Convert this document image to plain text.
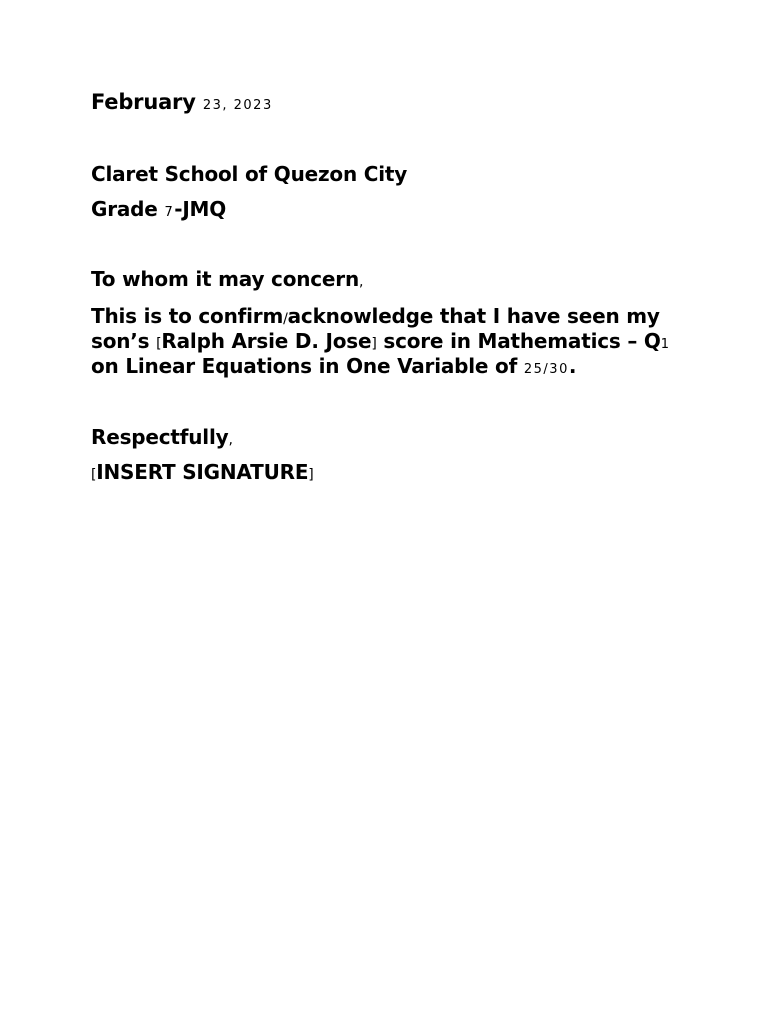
February 23, 2023
Claret School of Quezon City
Grade 7-JMQ
To whom it may concern,
This is to confirm/acknowledge that I have seen my
son’s [Ralph Arsie D. Jose] score in Mathematics – Q1
on Linear Equations in One Variable of 25/30.
Respectfully,
[INSERT SIGNATURE]
